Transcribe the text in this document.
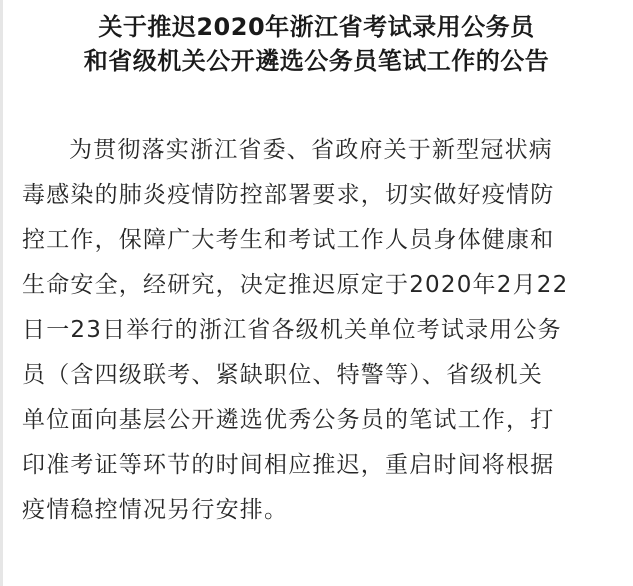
关于推迟2020年浙江省考试录用公务员
和省级机关公开遴选公务员笔试工作的公告
为贯彻落实浙江省委、省政府关于新型冠状病
毒感染的肺炎疫情防控部署要求，切实做好疫情防
控工作，保障广大考生和考试工作人员身体健康和
生命安全，经研究，决定推迟原定于2020年2月22
日一23日举行的浙江省各级机关单位考试录用公务
员（含四级联考、紧缺职位、特警等）、省级机关
单位面向基层公开遴选优秀公务员的笔试工作，打
印准考证等环节的时间相应推迟，重启时间将根据
疫情稳控情况另行安排。
